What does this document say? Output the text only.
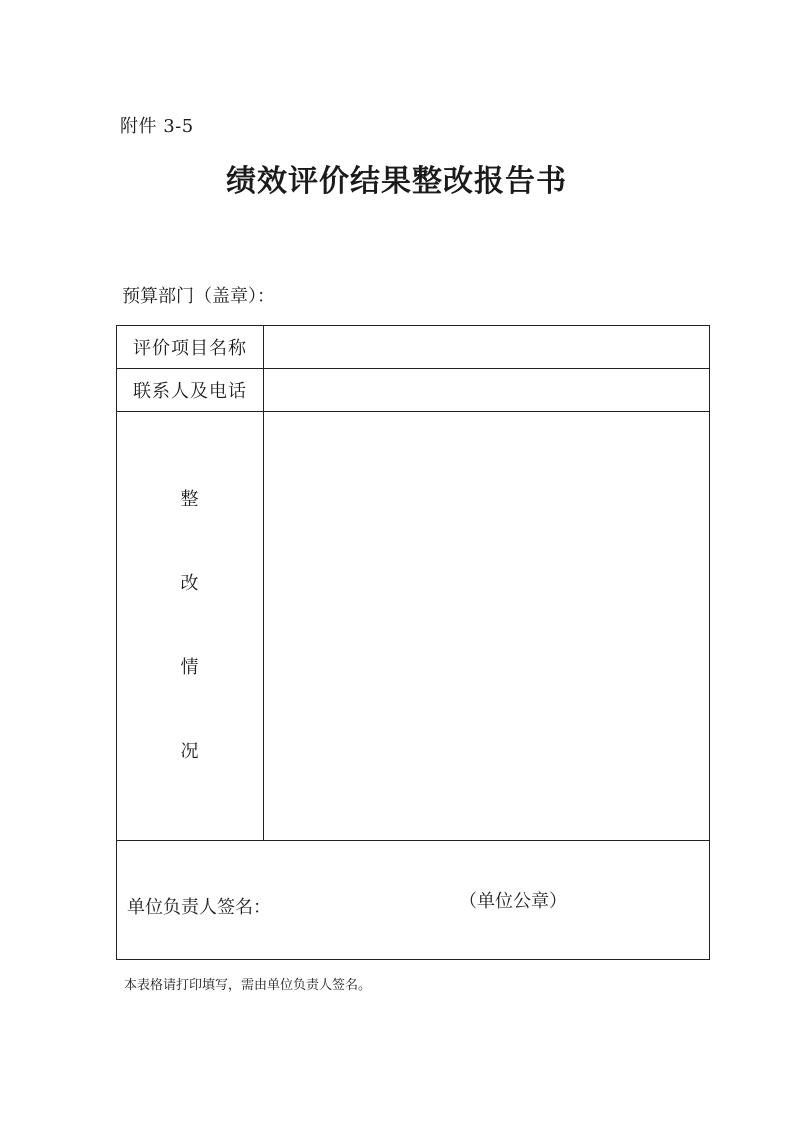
附件 3-5
绩效评价结果整改报告书
预算部门（盖章）：
评价项目名称	
联系人及电话	

整
改
情
况	

单位负责人签名： （单位公章）	
本表格请打印填写，需由单位负责人签名。
